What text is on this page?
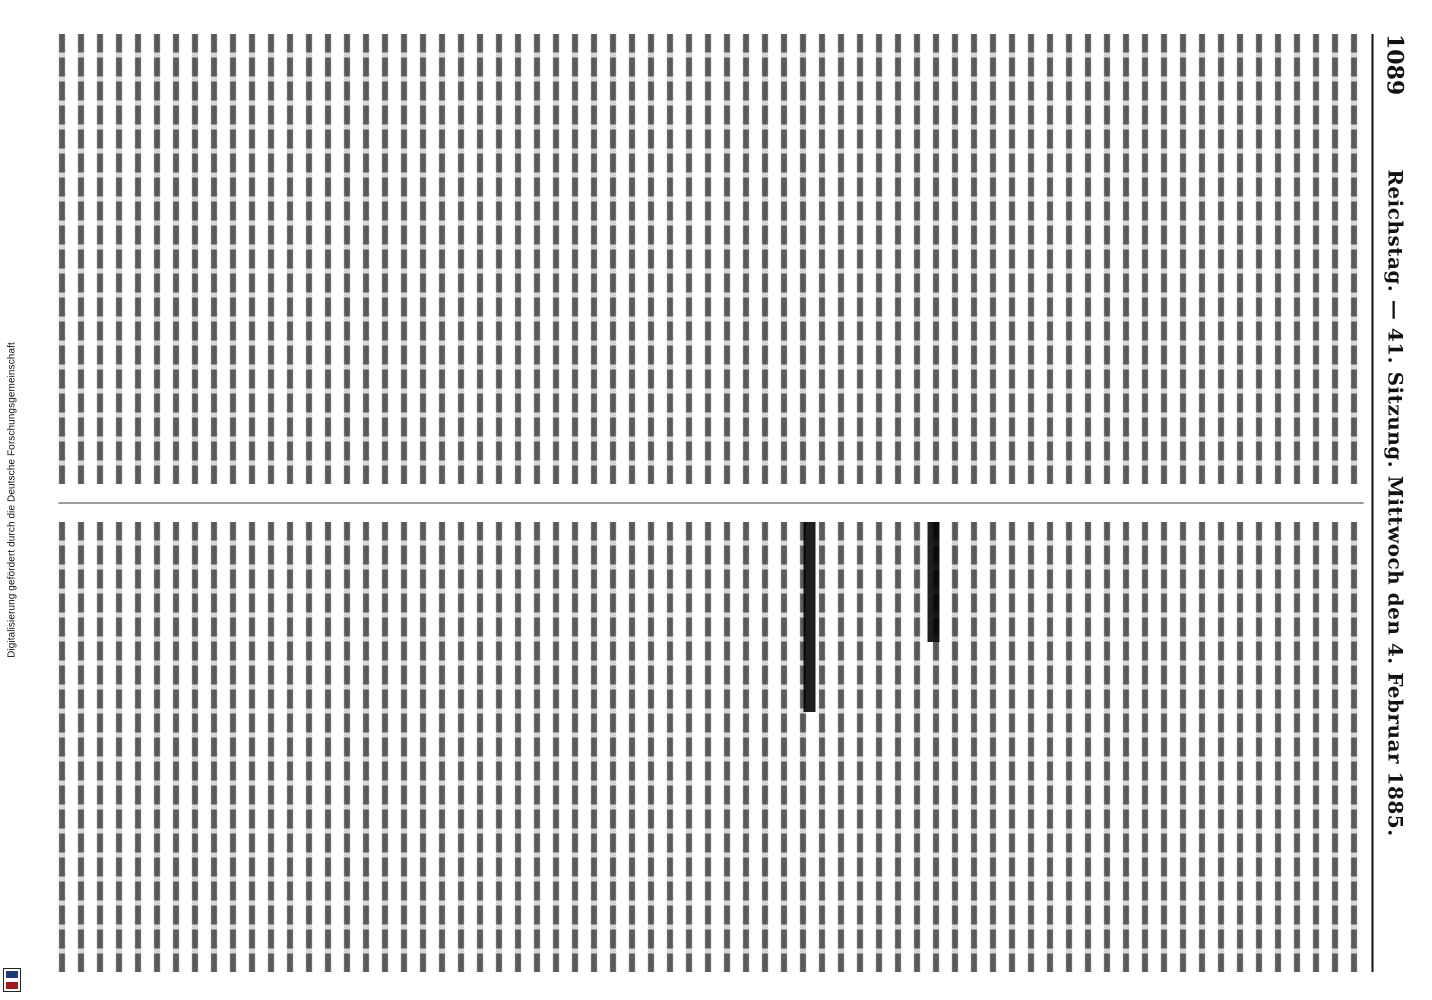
Digitalisierung gefördert durch die Deutsche Forschungsgemeinschaft
1089
Reichstag. — 41. Sitzung. Mittwoch den 4. Februar 1885.
